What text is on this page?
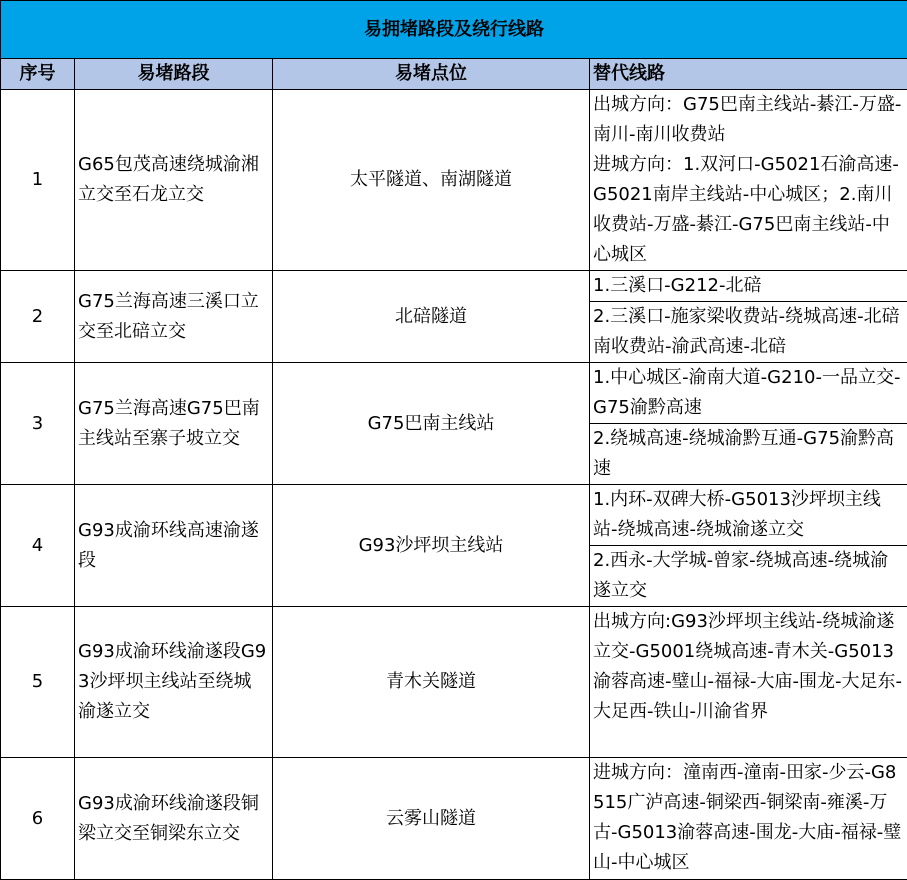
易拥堵路段及绕行线路			
序号	易堵路段	易堵点位	替代线路
1	G65包茂高速绕城渝湘立交至石龙立交	太平隧道、南湖隧道	出城方向：G75巴南主线站-綦江-万盛-南川-南川收费站
进城方向：1.双河口-G5021石渝高速-G5021南岸主线站-中心城区；2.南川收费站-万盛-綦江-G75巴南主线站-中心城区

2	G75兰海高速三溪口立交至北碚立交	北碚隧道	1.三溪口-G212-北碚
2.三溪口-施家梁收费站-绕城高速-北碚南收费站-渝武高速-北碚

3	G75兰海高速G75巴南主线站至寨子坡立交	G75巴南主线站	1.中心城区-渝南大道-G210-一品立交-G75渝黔高速
2.绕城高速-绕城渝黔互通-G75渝黔高速

4	G93成渝环线高速渝遂段	G93沙坪坝主线站	1.内环-双碑大桥-G5013沙坪坝主线站-绕城高速-绕城渝遂立交
2.西永-大学城-曾家-绕城高速-绕城渝遂立交

5	G93成渝环线渝遂段G93沙坪坝主线站至绕城渝遂立交	青木关隧道	出城方向:G93沙坪坝主线站-绕城渝遂立交-G5001绕城高速-青木关-G5013渝蓉高速-璧山-福禄-大庙-围龙-大足东-大足西-铁山-川渝省界

6	G93成渝环线渝遂段铜梁立交至铜梁东立交	云雾山隧道	进城方向：潼南西-潼南-田家-少云-G8515广泸高速-铜梁西-铜梁南-雍溪-万古-G5013渝蓉高速-围龙-大庙-福禄-璧山-中心城区
